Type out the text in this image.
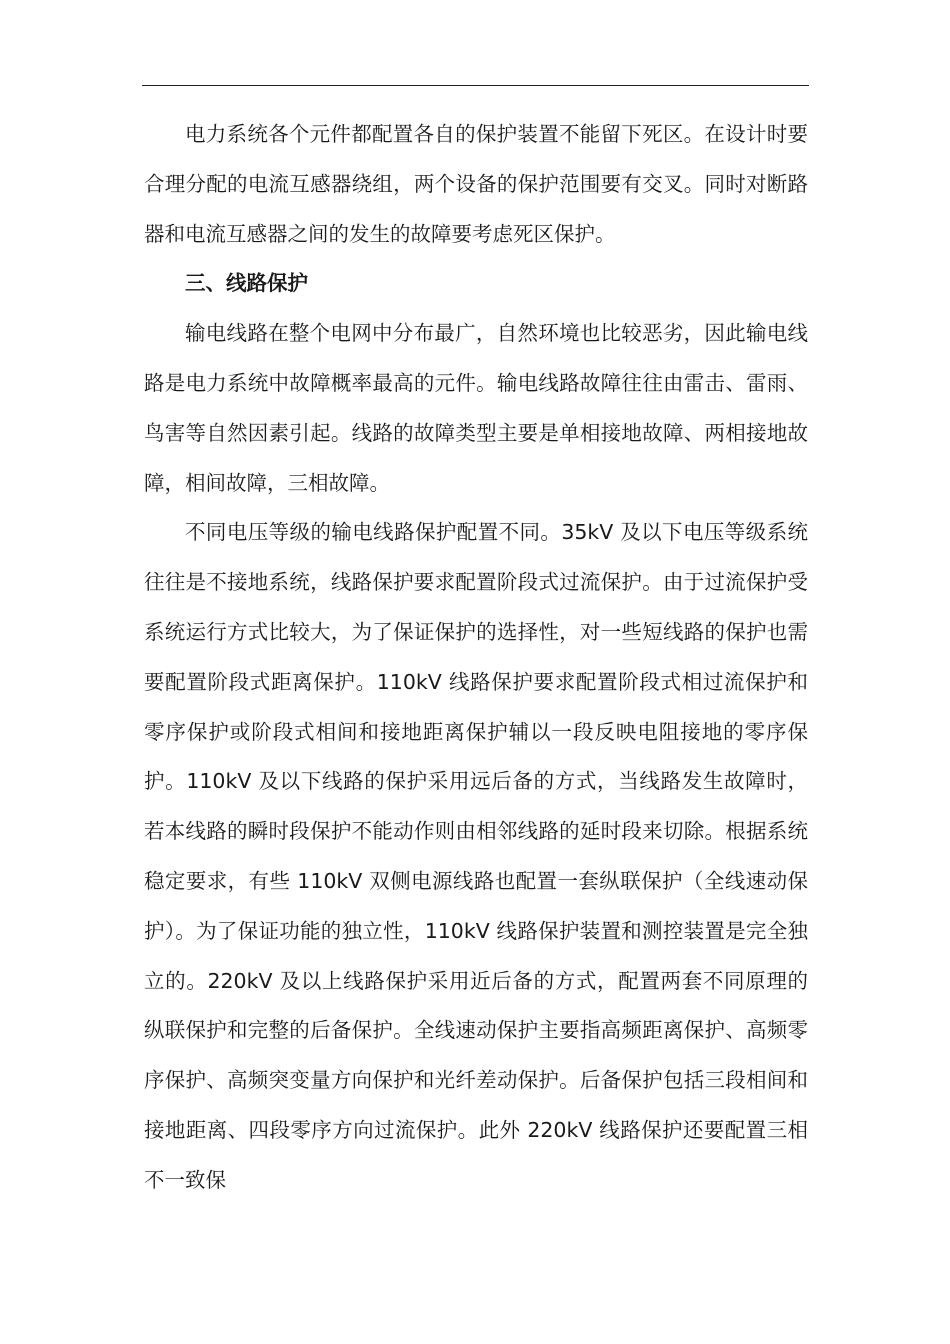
电力系统各个元件都配置各自的保护装置不能留下死区。在设计时要合理分配的电流互感器绕组，两个设备的保护范围要有交叉。同时对断路器和电流互感器之间的发生的故障要考虑死区保护。

三、线路保护

输电线路在整个电网中分布最广，自然环境也比较恶劣，因此输电线路是电力系统中故障概率最高的元件。输电线路故障往往由雷击、雷雨、鸟害等自然因素引起。线路的故障类型主要是单相接地故障、两相接地故障，相间故障，三相故障。

不同电压等级的输电线路保护配置不同。35kV 及以下电压等级系统往往是不接地系统，线路保护要求配置阶段式过流保护。由于过流保护受系统运行方式比较大，为了保证保护的选择性，对一些短线路的保护也需要配置阶段式距离保护。110kV 线路保护要求配置阶段式相过流保护和零序保护或阶段式相间和接地距离保护辅以一段反映电阻接地的零序保护。110kV 及以下线路的保护采用远后备的方式，当线路发生故障时，若本线路的瞬时段保护不能动作则由相邻线路的延时段来切除。根据系统稳定要求，有些 110kV 双侧电源线路也配置一套纵联保护（全线速动保护）。为了保证功能的独立性，110kV 线路保护装置和测控装置是完全独立的。220kV 及以上线路保护采用近后备的方式，配置两套不同原理的纵联保护和完整的后备保护。全线速动保护主要指高频距离保护、高频零序保护、高频突变量方向保护和光纤差动保护。后备保护包括三段相间和接地距离、四段零序方向过流保护。此外 220kV 线路保护还要配置三相不一致保
